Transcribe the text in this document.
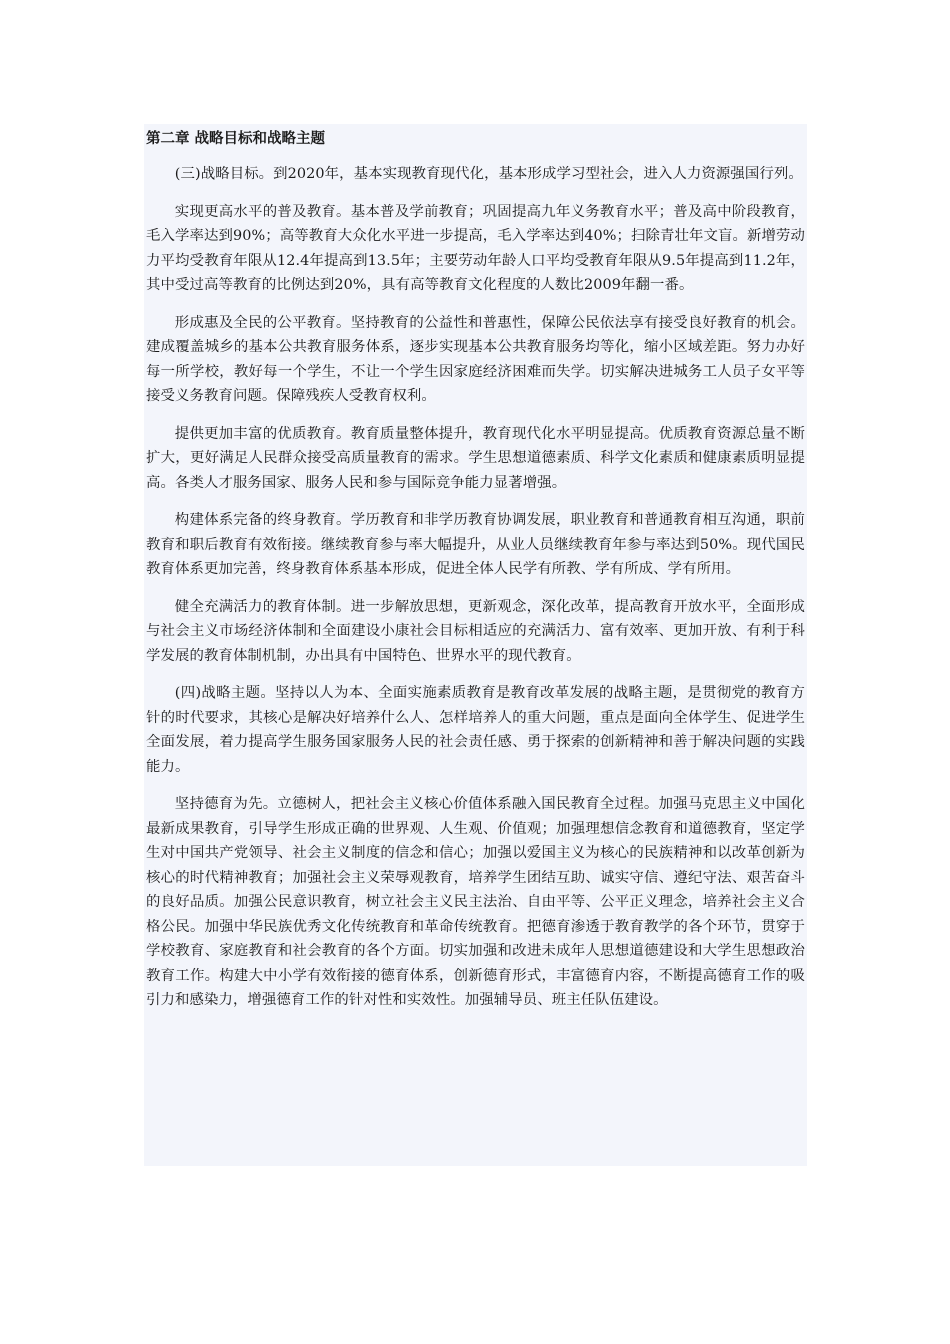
第二章 战略目标和战略主题

(三)战略目标。到2020年，基本实现教育现代化，基本形成学习型社会，进入人力资源强国行列。

实现更高水平的普及教育。基本普及学前教育；巩固提高九年义务教育水平；普及高中阶段教育，毛入学率达到90%；高等教育大众化水平进一步提高，毛入学率达到40%；扫除青壮年文盲。新增劳动力平均受教育年限从12.4年提高到13.5年；主要劳动年龄人口平均受教育年限从9.5年提高到11.2年，其中受过高等教育的比例达到20%，具有高等教育文化程度的人数比2009年翻一番。

形成惠及全民的公平教育。坚持教育的公益性和普惠性，保障公民依法享有接受良好教育的机会。建成覆盖城乡的基本公共教育服务体系，逐步实现基本公共教育服务均等化，缩小区域差距。努力办好每一所学校，教好每一个学生，不让一个学生因家庭经济困难而失学。切实解决进城务工人员子女平等接受义务教育问题。保障残疾人受教育权利。

提供更加丰富的优质教育。教育质量整体提升，教育现代化水平明显提高。优质教育资源总量不断扩大，更好满足人民群众接受高质量教育的需求。学生思想道德素质、科学文化素质和健康素质明显提高。各类人才服务国家、服务人民和参与国际竞争能力显著增强。

构建体系完备的终身教育。学历教育和非学历教育协调发展，职业教育和普通教育相互沟通，职前教育和职后教育有效衔接。继续教育参与率大幅提升，从业人员继续教育年参与率达到50%。现代国民教育体系更加完善，终身教育体系基本形成，促进全体人民学有所教、学有所成、学有所用。

健全充满活力的教育体制。进一步解放思想，更新观念，深化改革，提高教育开放水平，全面形成与社会主义市场经济体制和全面建设小康社会目标相适应的充满活力、富有效率、更加开放、有利于科学发展的教育体制机制，办出具有中国特色、世界水平的现代教育。

(四)战略主题。坚持以人为本、全面实施素质教育是教育改革发展的战略主题，是贯彻党的教育方针的时代要求，其核心是解决好培养什么人、怎样培养人的重大问题，重点是面向全体学生、促进学生全面发展，着力提高学生服务国家服务人民的社会责任感、勇于探索的创新精神和善于解决问题的实践能力。

坚持德育为先。立德树人，把社会主义核心价值体系融入国民教育全过程。加强马克思主义中国化最新成果教育，引导学生形成正确的世界观、人生观、价值观；加强理想信念教育和道德教育，坚定学生对中国共产党领导、社会主义制度的信念和信心；加强以爱国主义为核心的民族精神和以改革创新为核心的时代精神教育；加强社会主义荣辱观教育，培养学生团结互助、诚实守信、遵纪守法、艰苦奋斗的良好品质。加强公民意识教育，树立社会主义民主法治、自由平等、公平正义理念，培养社会主义合格公民。加强中华民族优秀文化传统教育和革命传统教育。把德育渗透于教育教学的各个环节，贯穿于学校教育、家庭教育和社会教育的各个方面。切实加强和改进未成年人思想道德建设和大学生思想政治教育工作。构建大中小学有效衔接的德育体系，创新德育形式，丰富德育内容，不断提高德育工作的吸引力和感染力，增强德育工作的针对性和实效性。加强辅导员、班主任队伍建设。
